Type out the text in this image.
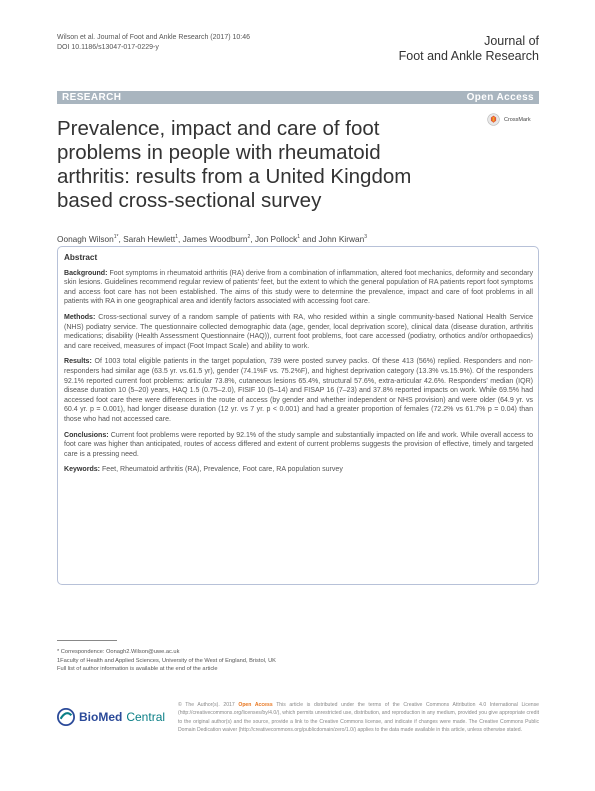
Wilson et al. Journal of Foot and Ankle Research (2017) 10:46
DOI 10.1186/s13047-017-0229-y	Journal of
Foot and Ankle Research
RESEARCH	Open Access
Prevalence, impact and care of foot problems in people with rheumatoid arthritis: results from a United Kingdom based cross-sectional survey
CrossMark
Oonagh Wilson$^{1*}$, Sarah Hewlett$^1$, James Woodburn$^2$, Jon Pollock$^1$ and John Kirwan$^3$
Abstract
Background: Foot symptoms in rheumatoid arthritis (RA) derive from a combination of inflammation, altered foot mechanics, deformity and secondary skin lesions. Guidelines recommend regular review of patients' feet, but the extent to which the general population of RA patients report foot symptoms and access foot care has not been established. The aims of this study were to determine the prevalence, impact and care of foot problems in all patients with RA in one geographical area and identify factors associated with accessing foot care.
Methods: Cross-sectional survey of a random sample of patients with RA, who resided within a single community-based National Health Service (NHS) podiatry service. The questionnaire collected demographic data (age, gender, local deprivation score), clinical data (disease duration, arthritis medications; disability (Health Assessment Questionnaire (HAQ)), current foot problems, foot care accessed (podiatry, orthotics and/or orthopaedics) and care received, measures of impact (Foot Impact Scale) and ability to work.
Results: Of 1003 total eligible patients in the target population, 739 were posted survey packs. Of these 413 (56%) replied. Responders and non-responders had similar age (63.5 yr. vs.61.5 yr), gender (74.1%F vs. 75.2%F), and highest deprivation category (13.3% vs.15.9%). Of the responders 92.1% reported current foot problems: articular 73.8%, cutaneous lesions 65.4%, structural 57.6%, extra-articular 42.6%. Responders' median (IQR) disease duration 10 (5–20) years, HAQ 1.5 (0.75–2.0), FISIF 10 (5–14) and FISAP 16 (7–23) and 37.8% reported impacts on work. While 69.5% had accessed foot care there were differences in the route of access (by gender and whether independent or NHS provision) and were older (64.9 yr. vs 60.4 yr. p = 0.001), had longer disease duration (12 yr. vs 7 yr. p < 0.001) and had a greater proportion of females (72.2% vs 61.7% p = 0.04) than those who had not accessed care.
Conclusions: Current foot problems were reported by 92.1% of the study sample and substantially impacted on life and work. While overall access to foot care was higher than anticipated, routes of access differed and extent of current problems suggests the provision of effective, timely and targeted care is a pressing need.
Keywords: Feet, Rheumatoid arthritis (RA), Prevalence, Foot care, RA population survey
* Correspondence: Oonagh2.Wilson@uwe.ac.uk
1Faculty of Health and Applied Sciences, University of the West of England, Bristol, UK
Full list of author information is available at the end of the article
BioMed Central
© The Author(s). 2017 Open Access This article is distributed under the terms of the Creative Commons Attribution 4.0 International License (http://creativecommons.org/licenses/by/4.0/), which permits unrestricted use, distribution, and reproduction in any medium, provided you give appropriate credit to the original author(s) and the source, provide a link to the Creative Commons license, and indicate if changes were made. The Creative Commons Public Domain Dedication waiver (http://creativecommons.org/publicdomain/zero/1.0/) applies to the data made available in this article, unless otherwise stated.
